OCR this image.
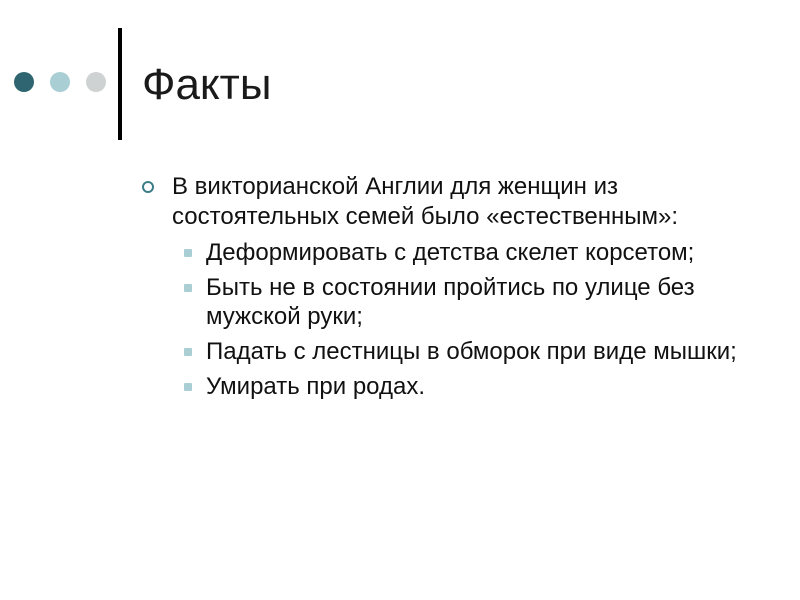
Факты
В викторианской Англии для женщин из состоятельных семей было «естественным»:
Деформировать с детства скелет корсетом;
Быть не в состоянии пройтись по улице без мужской руки;
Падать с лестницы в обморок при виде мышки;
Умирать при родах.
